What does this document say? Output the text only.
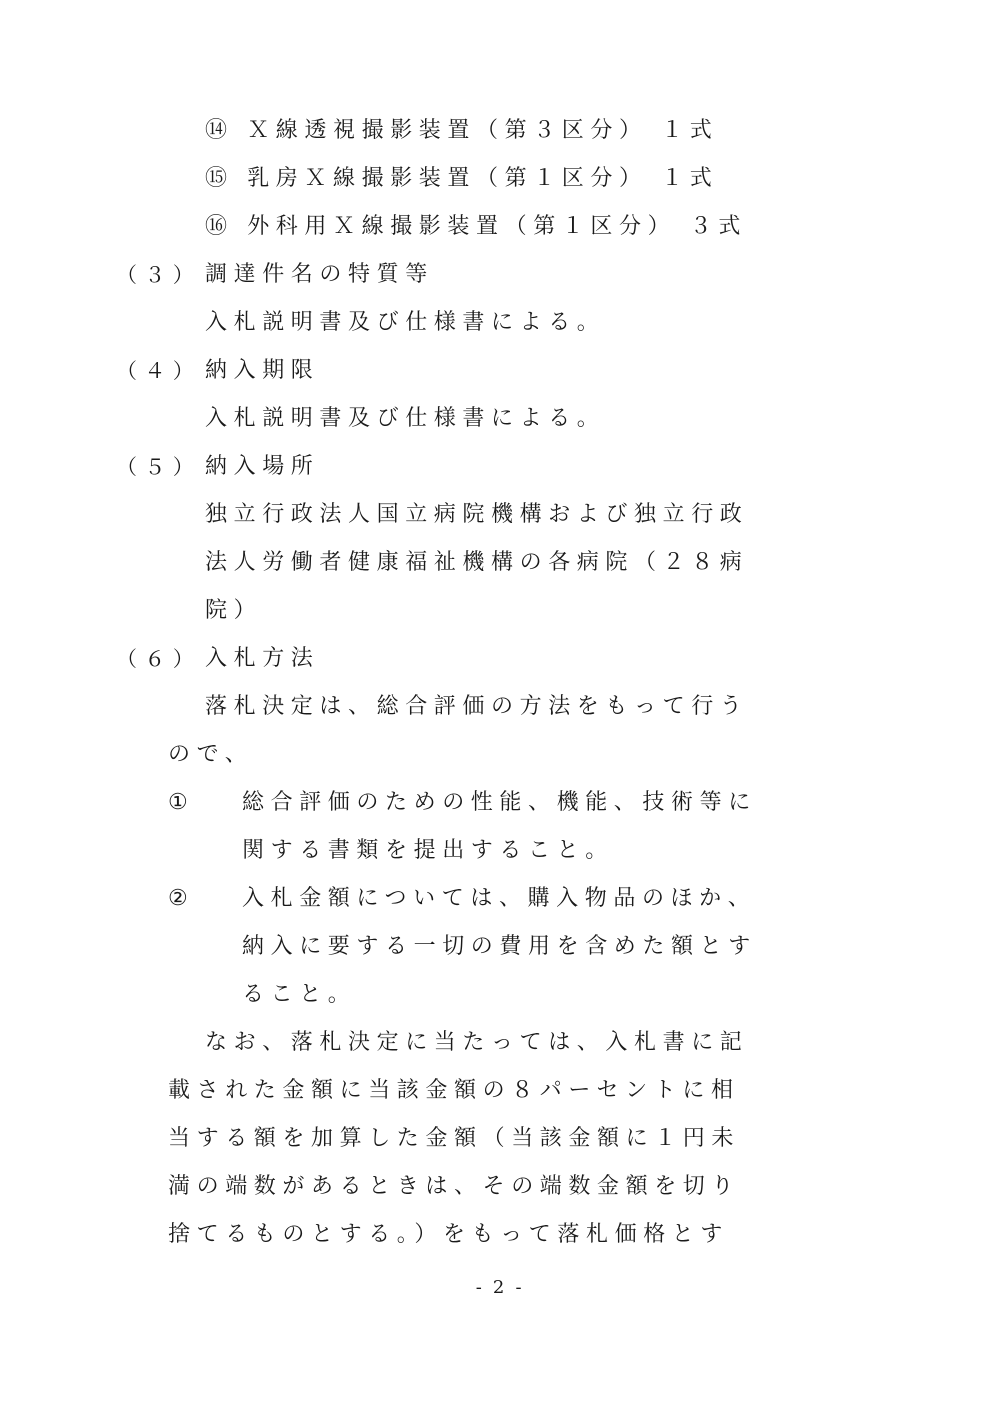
⑭ Ｘ線透視撮影装置（第３区分） １式
⑮ 乳房Ｘ線撮影装置（第１区分） １式
⑯ 外科用Ｘ線撮影装置（第１区分） ３式
（３） 調達件名の特質等
入札説明書及び仕様書による。
（４） 納入期限
入札説明書及び仕様書による。
（５） 納入場所
独立行政法人国立病院機構および独立行政
法人労働者健康福祉機構の各病院（２８病
院）
（６） 入札方法
落札決定は、総合評価の方法をもって行う
ので、
① 総合評価のための性能、機能、技術等に
関する書類を提出すること。
② 入札金額については、購入物品のほか、
納入に要する一切の費用を含めた額とす
ること。
なお、落札決定に当たっては、入札書に記
載された金額に当該金額の８パーセントに相
当する額を加算した金額（当該金額に１円未
満の端数があるときは、その端数金額を切り
捨てるものとする。）をもって落札価格とす
- 2 -
